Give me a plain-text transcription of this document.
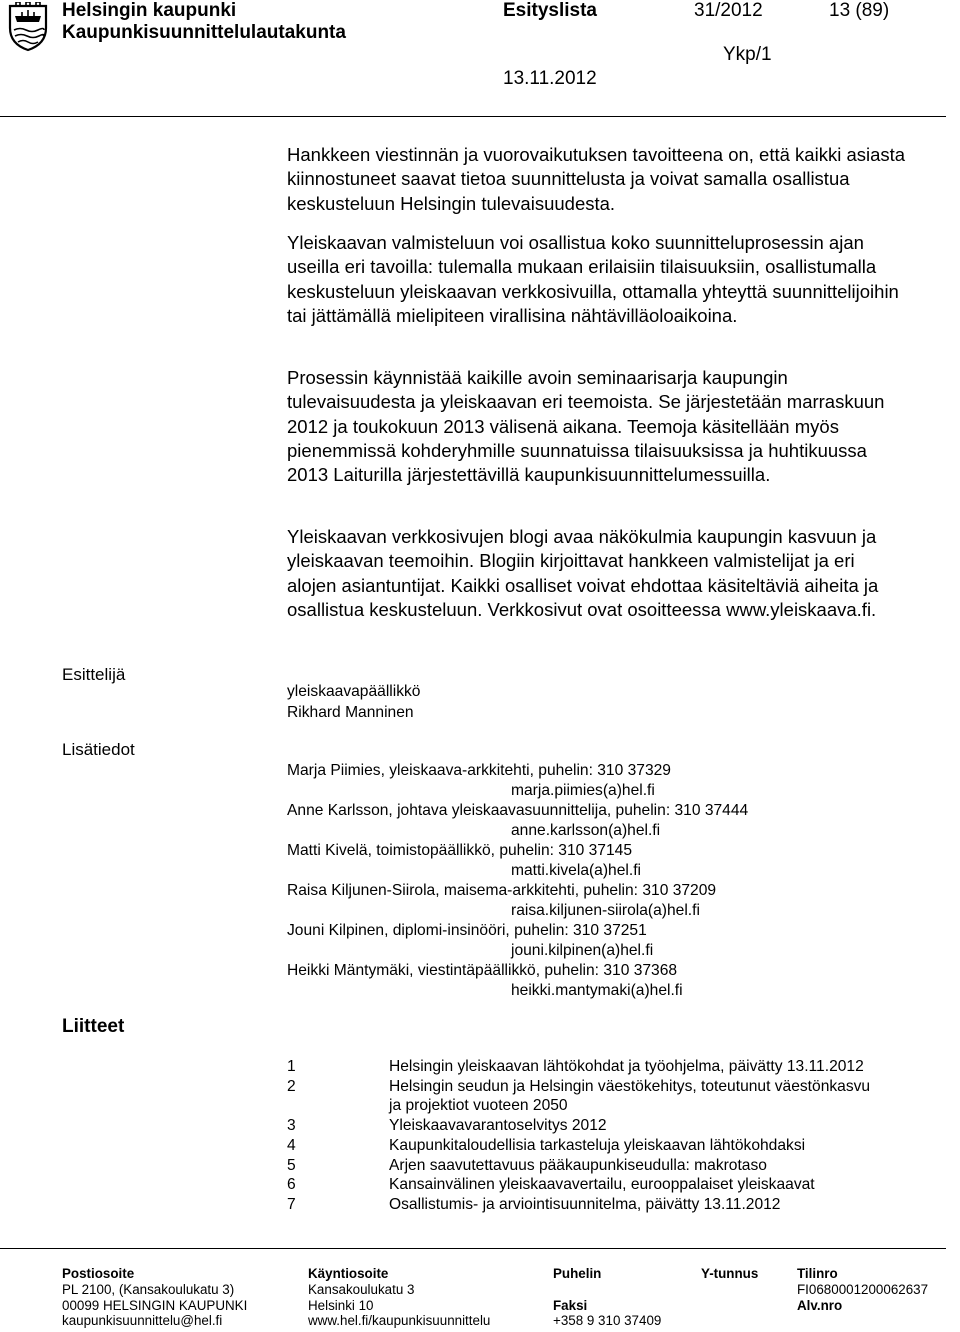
Helsingin kaupunki
Kaupunkisuunnittelulautakunta
Esityslista	31/2012	13 (89)
Ykp/1
13.11.2012

Hankkeen viestinnän ja vuorovaikutuksen tavoitteena on, että kaikki asiasta kiinnostuneet saavat tietoa suunnittelusta ja voivat samalla osallistua keskusteluun Helsingin tulevaisuudesta.

Yleiskaavan valmisteluun voi osallistua koko suunnitteluprosessin ajan useilla eri tavoilla: tulemalla mukaan erilaisiin tilaisuuksiin, osallistumalla keskusteluun yleiskaavan verkkosivuilla, ottamalla yhteyttä suunnittelijoihin tai jättämällä mielipiteen virallisina nähtävilläoloaikoina.

Prosessin käynnistää kaikille avoin seminaarisarja kaupungin tulevaisuudesta ja yleiskaavan eri teemoista. Se järjestetään marraskuun 2012 ja toukokuun 2013 välisenä aikana. Teemoja käsitellään myös pienemmissä kohderyhmille suunnatuissa tilaisuuksissa ja huhtikuussa 2013 Laiturilla järjestettävillä kaupunkisuunnittelumessuilla.

Yleiskaavan verkkosivujen blogi avaa näkökulmia kaupungin kasvuun ja yleiskaavan teemoihin. Blogiin kirjoittavat hankkeen valmistelijat ja eri alojen asiantuntijat. Kaikki osalliset voivat ehdottaa käsiteltäviä aiheita ja osallistua keskusteluun. Verkkosivut ovat osoitteessa www.yleiskaava.fi.

Esittelijä
yleiskaavapäällikkö
Rikhard Manninen
Lisätiedot
Marja Piimies, yleiskaava-arkkitehti, puhelin: 310 37329
marja.piimies(a)hel.fi
Anne Karlsson, johtava yleiskaavasuunnittelija, puhelin: 310 37444
anne.karlsson(a)hel.fi
Matti Kivelä, toimistopäällikkö, puhelin: 310 37145
matti.kivela(a)hel.fi
Raisa Kiljunen-Siirola, maisema-arkkitehti, puhelin: 310 37209
raisa.kiljunen-siirola(a)hel.fi
Jouni Kilpinen, diplomi-insinööri, puhelin: 310 37251
jouni.kilpinen(a)hel.fi
Heikki Mäntymäki, viestintäpäällikkö, puhelin: 310 37368
heikki.mantymaki(a)hel.fi
Liitteet
1	Helsingin yleiskaavan lähtökohdat ja työohjelma, päivätty 13.11.2012
2	Helsingin seudun ja Helsingin väestökehitys, toteutunut väestönkasvu ja projektiot vuoteen 2050
3	Yleiskaavavarantoselvitys 2012
4	Kaupunkitaloudellisia tarkasteluja yleiskaavan lähtökohdaksi
5	Arjen saavutettavuus pääkaupunkiseudulla: makrotaso
6	Kansainvälinen yleiskaavavertailu, eurooppalaiset yleiskaavat
7	Osallistumis- ja arviointisuunnitelma, päivätty 13.11.2012
Postiosoite
PL 2100, (Kansakoulukatu 3)
00099 HELSINGIN KAUPUNKI
kaupunkisuunnittelu@hel.fi
Käyntiosoite
Kansakoulukatu 3
Helsinki 10
www.hel.fi/kaupunkisuunnittelu
Puhelin

Faksi
+358 9 310 37409
Y-tunnus	Tilinro
FI0680001200062637
Alv.nro
